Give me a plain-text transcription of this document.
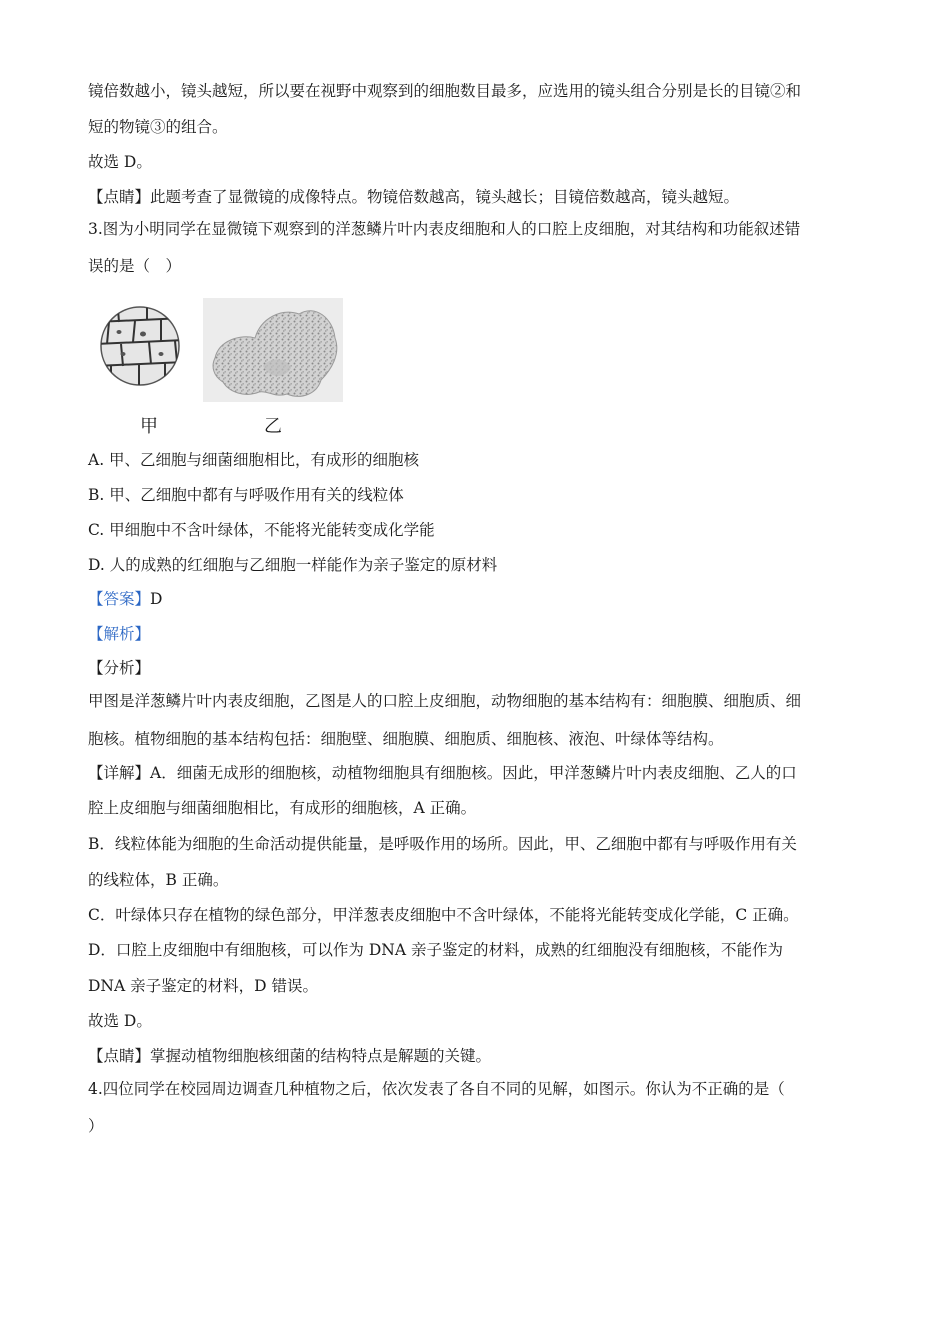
镜倍数越小，镜头越短，所以要在视野中观察到的细胞数目最多，应选用的镜头组合分别是长的目镜②和
短的物镜③的组合。
故选 D。
【点睛】此题考查了显微镜的成像特点。物镜倍数越高，镜头越长；目镜倍数越高，镜头越短。
3.图为小明同学在显微镜下观察到的洋葱鳞片叶内表皮细胞和人的口腔上皮细胞，对其结构和功能叙述错
误的是（　）
甲	乙
A. 甲、乙细胞与细菌细胞相比，有成形的细胞核
B. 甲、乙细胞中都有与呼吸作用有关的线粒体
C. 甲细胞中不含叶绿体，不能将光能转变成化学能
D. 人的成熟的红细胞与乙细胞一样能作为亲子鉴定的原材料
【答案】D
【解析】
【分析】
甲图是洋葱鳞片叶内表皮细胞，乙图是人的口腔上皮细胞，动物细胞的基本结构有：细胞膜、细胞质、细
胞核。植物细胞的基本结构包括：细胞壁、细胞膜、细胞质、细胞核、液泡、叶绿体等结构。
【详解】A．细菌无成形的细胞核，动植物细胞具有细胞核。因此，甲洋葱鳞片叶内表皮细胞、乙人的口
腔上皮细胞与细菌细胞相比，有成形的细胞核，A 正确。
B．线粒体能为细胞的生命活动提供能量，是呼吸作用的场所。因此，甲、乙细胞中都有与呼吸作用有关
的线粒体，B 正确。
C．叶绿体只存在植物的绿色部分，甲洋葱表皮细胞中不含叶绿体，不能将光能转变成化学能，C 正确。
D．口腔上皮细胞中有细胞核，可以作为 DNA 亲子鉴定的材料，成熟的红细胞没有细胞核，不能作为
DNA 亲子鉴定的材料，D 错误。
故选 D。
【点睛】掌握动植物细胞核细菌的结构特点是解题的关键。
4.四位同学在校园周边调查几种植物之后，依次发表了各自不同的见解，如图示。你认为不正确的是（
）
